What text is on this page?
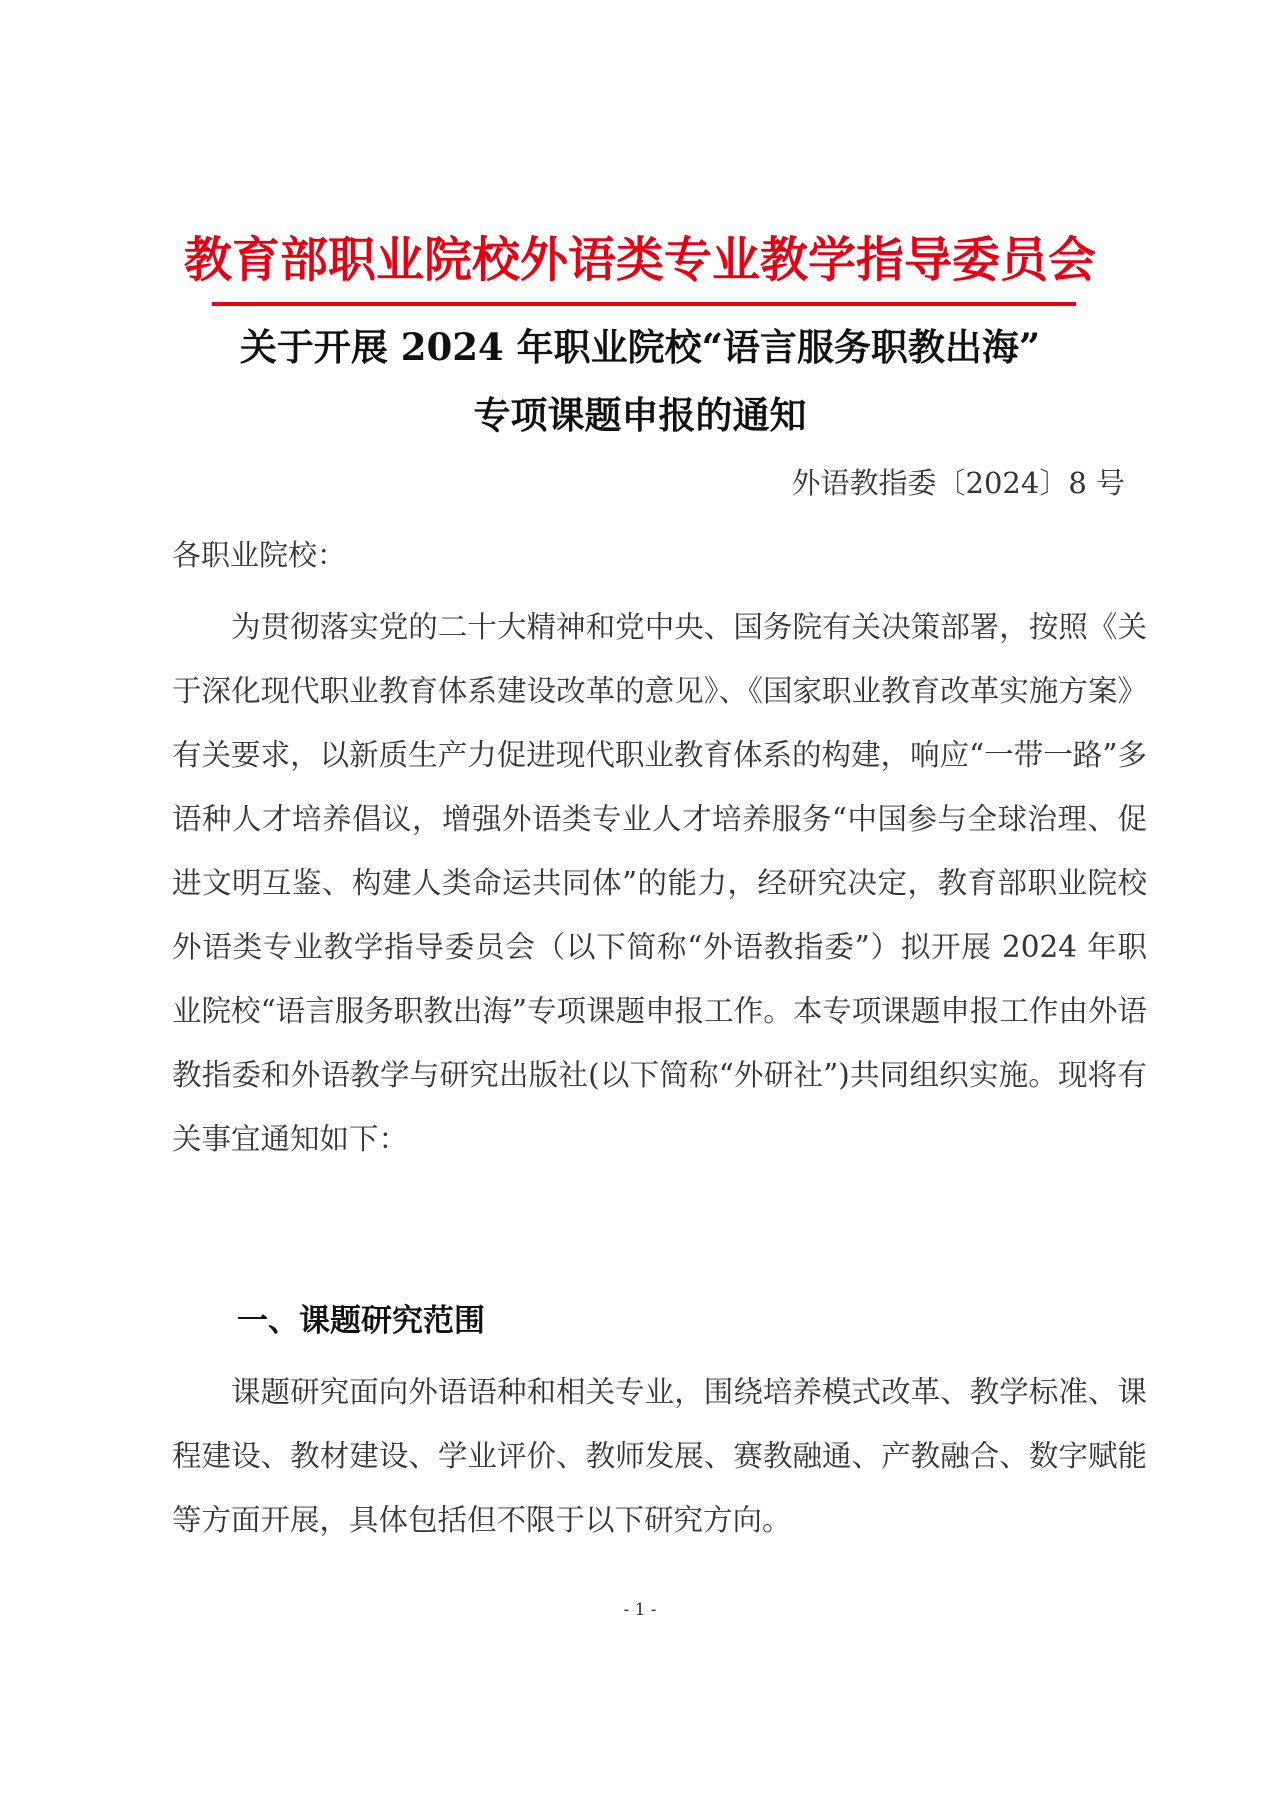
教育部职业院校外语类专业教学指导委员会
关于开展 2024 年职业院校“语言服务职教出海”
专项课题申报的通知
外语教指委〔2024〕8 号
各职业院校：
为贯彻落实党的二十大精神和党中央、国务院有关决策部署，按照《关于深化现代职业教育体系建设改革的意见》、《国家职业教育改革实施方案》有关要求，以新质生产力促进现代职业教育体系的构建，响应“一带一路”多语种人才培养倡议，增强外语类专业人才培养服务“中国参与全球治理、促进文明互鉴、构建人类命运共同体”的能力，经研究决定，教育部职业院校外语类专业教学指导委员会（以下简称“外语教指委”）拟开展 2024 年职业院校“语言服务职教出海”专项课题申报工作。本专项课题申报工作由外语教指委和外语教学与研究出版社(以下简称“外研社”)共同组织实施。现将有关事宜通知如下：
一、课题研究范围
课题研究面向外语语种和相关专业，围绕培养模式改革、教学标准、课程建设、教材建设、学业评价、教师发展、赛教融通、产教融合、数字赋能等方面开展，具体包括但不限于以下研究方向。
- 1 -
